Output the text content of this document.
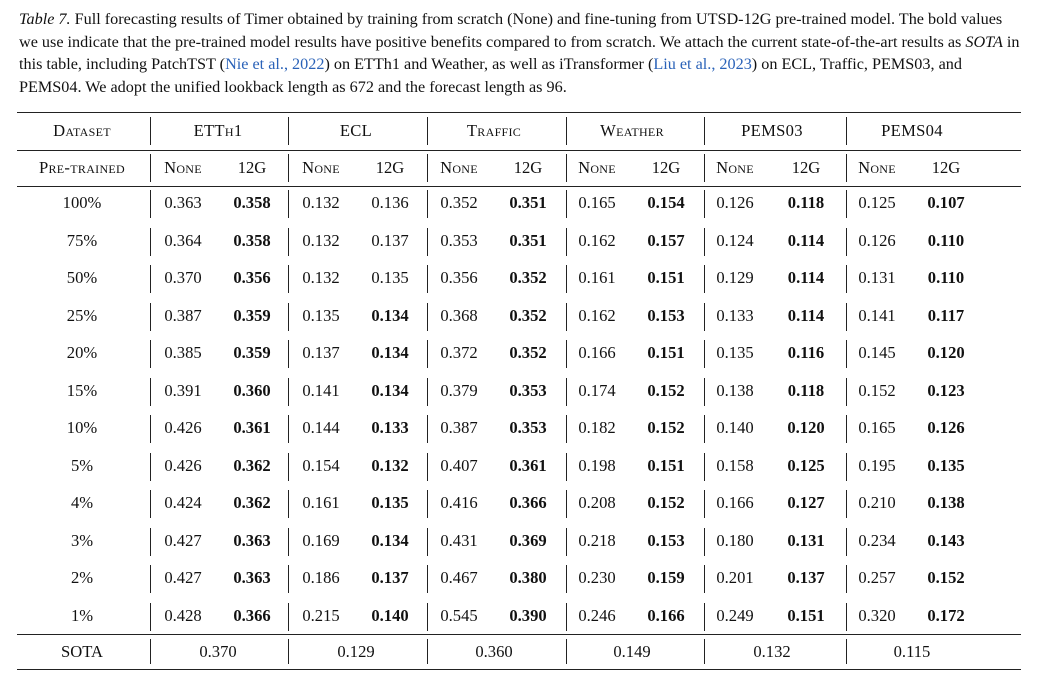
Table 7. Full forecasting results of Timer obtained by training from scratch (None) and fine-tuning from UTSD-12G pre-trained model. The bold values we use indicate that the pre-trained model results have positive benefits compared to from scratch. We attach the current state-of-the-art results as SOTA in this table, including PatchTST (Nie et al., 2022) on ETTh1 and Weather, as well as iTransformer (Liu et al., 2023) on ECL, Traffic, PEMS03, and PEMS04. We adopt the unified lookback length as 672 and the forecast length as 96.
Dataset	ETTh1	ECL	Traffic	Weather	PEMS03	PEMS04
Pre-trained	None	12G	None	12G	None	12G	None	12G	None	12G	None	12G
100%	0.363	0.358	0.132	0.136	0.352	0.351	0.165	0.154	0.126	0.118	0.125	0.107
75%	0.364	0.358	0.132	0.137	0.353	0.351	0.162	0.157	0.124	0.114	0.126	0.110
50%	0.370	0.356	0.132	0.135	0.356	0.352	0.161	0.151	0.129	0.114	0.131	0.110
25%	0.387	0.359	0.135	0.134	0.368	0.352	0.162	0.153	0.133	0.114	0.141	0.117
20%	0.385	0.359	0.137	0.134	0.372	0.352	0.166	0.151	0.135	0.116	0.145	0.120
15%	0.391	0.360	0.141	0.134	0.379	0.353	0.174	0.152	0.138	0.118	0.152	0.123
10%	0.426	0.361	0.144	0.133	0.387	0.353	0.182	0.152	0.140	0.120	0.165	0.126
5%	0.426	0.362	0.154	0.132	0.407	0.361	0.198	0.151	0.158	0.125	0.195	0.135
4%	0.424	0.362	0.161	0.135	0.416	0.366	0.208	0.152	0.166	0.127	0.210	0.138
3%	0.427	0.363	0.169	0.134	0.431	0.369	0.218	0.153	0.180	0.131	0.234	0.143
2%	0.427	0.363	0.186	0.137	0.467	0.380	0.230	0.159	0.201	0.137	0.257	0.152
1%	0.428	0.366	0.215	0.140	0.545	0.390	0.246	0.166	0.249	0.151	0.320	0.172
SOTA	0.370	0.129	0.360	0.149	0.132	0.115
